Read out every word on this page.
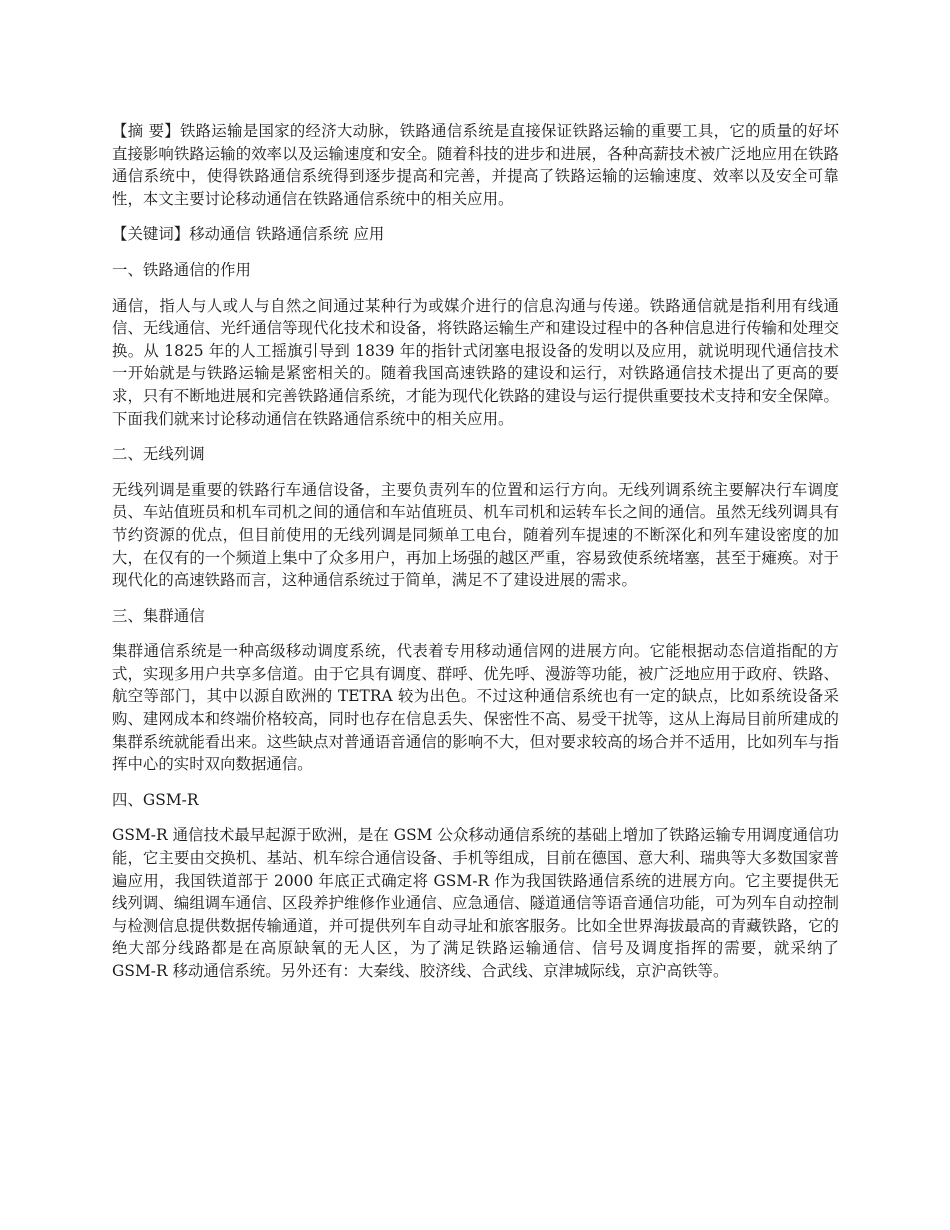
【摘 要】铁路运输是国家的经济大动脉，铁路通信系统是直接保证铁路运输的重要工具，它的质量的好坏直接影响铁路运输的效率以及运输速度和安全。随着科技的进步和进展，各种高薪技术被广泛地应用在铁路通信系统中，使得铁路通信系统得到逐步提高和完善，并提高了铁路运输的运输速度、效率以及安全可靠性，本文主要讨论移动通信在铁路通信系统中的相关应用。

【关键词】移动通信 铁路通信系统 应用

一、铁路通信的作用

通信，指人与人或人与自然之间通过某种行为或媒介进行的信息沟通与传递。铁路通信就是指利用有线通信、无线通信、光纤通信等现代化技术和设备，将铁路运输生产和建设过程中的各种信息进行传输和处理交换。从 1825 年的人工摇旗引导到 1839 年的指针式闭塞电报设备的发明以及应用，就说明现代通信技术一开始就是与铁路运输是紧密相关的。随着我国高速铁路的建设和运行，对铁路通信技术提出了更高的要求，只有不断地进展和完善铁路通信系统，才能为现代化铁路的建设与运行提供重要技术支持和安全保障。下面我们就来讨论移动通信在铁路通信系统中的相关应用。

二、无线列调

无线列调是重要的铁路行车通信设备，主要负责列车的位置和运行方向。无线列调系统主要解决行车调度员、车站值班员和机车司机之间的通信和车站值班员、机车司机和运转车长之间的通信。虽然无线列调具有节约资源的优点，但目前使用的无线列调是同频单工电台，随着列车提速的不断深化和列车建设密度的加大，在仅有的一个频道上集中了众多用户，再加上场强的越区严重，容易致使系统堵塞，甚至于瘫痪。对于现代化的高速铁路而言，这种通信系统过于简单，满足不了建设进展的需求。

三、集群通信

集群通信系统是一种高级移动调度系统，代表着专用移动通信网的进展方向。它能根据动态信道指配的方式，实现多用户共享多信道。由于它具有调度、群呼、优先呼、漫游等功能，被广泛地应用于政府、铁路、航空等部门，其中以源自欧洲的 TETRA 较为出色。不过这种通信系统也有一定的缺点，比如系统设备采购、建网成本和终端价格较高，同时也存在信息丢失、保密性不高、易受干扰等，这从上海局目前所建成的集群系统就能看出来。这些缺点对普通语音通信的影响不大，但对要求较高的场合并不适用，比如列车与指挥中心的实时双向数据通信。

四、GSM-R

GSM-R 通信技术最早起源于欧洲，是在 GSM 公众移动通信系统的基础上增加了铁路运输专用调度通信功能，它主要由交换机、基站、机车综合通信设备、手机等组成，目前在德国、意大利、瑞典等大多数国家普遍应用，我国铁道部于 2000 年底正式确定将 GSM-R 作为我国铁路通信系统的进展方向。它主要提供无线列调、编组调车通信、区段养护维修作业通信、应急通信、隧道通信等语音通信功能，可为列车自动控制与检测信息提供数据传输通道，并可提供列车自动寻址和旅客服务。比如全世界海拔最高的青藏铁路，它的绝大部分线路都是在高原缺氧的无人区，为了满足铁路运输通信、信号及调度指挥的需要，就采纳了 GSM-R 移动通信系统。另外还有：大秦线、胶济线、合武线、京津城际线，京沪高铁等。
